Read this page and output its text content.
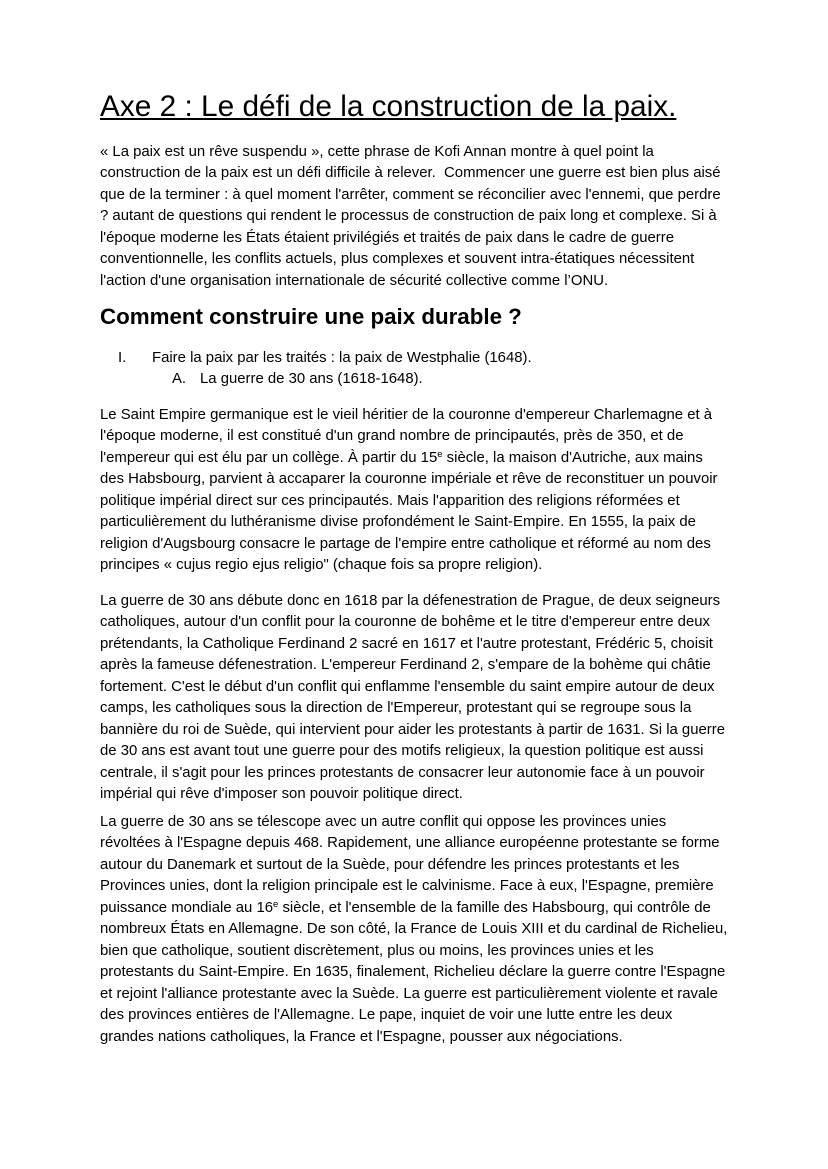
Axe 2 : Le défi de la construction de la paix.

« La paix est un rêve suspendu », cette phrase de Kofi Annan montre à quel point la construction de la paix est un défi difficile à relever.  Commencer une guerre est bien plus aisé que de la terminer : à quel moment l'arrêter, comment se réconcilier avec l'ennemi, que perdre ? autant de questions qui rendent le processus de construction de paix long et complexe. Si à l'époque moderne les États étaient privilégiés et traités de paix dans le cadre de guerre conventionnelle, les conflits actuels, plus complexes et souvent intra-étatiques nécessitent l'action d'une organisation internationale de sécurité collective comme l’ONU.

Comment construire une paix durable ?
I. Faire la paix par les traités : la paix de Westphalie (1648).
A. La guerre de 30 ans (1618-1648).

Le Saint Empire germanique est le vieil héritier de la couronne d'empereur Charlemagne et à l'époque moderne, il est constitué d'un grand nombre de principautés, près de 350, et de l'empereur qui est élu par un collège. À partir du 15e siècle, la maison d'Autriche, aux mains des Habsbourg, parvient à accaparer la couronne impériale et rêve de reconstituer un pouvoir politique impérial direct sur ces principautés. Mais l'apparition des religions réformées et particulièrement du luthéranisme divise profondément le Saint-Empire. En 1555, la paix de religion d'Augsbourg consacre le partage de l'empire entre catholique et réformé au nom des principes « cujus regio ejus religio" (chaque fois sa propre religion).

La guerre de 30 ans débute donc en 1618 par la défenestration de Prague, de deux seigneurs catholiques, autour d'un conflit pour la couronne de bohême et le titre d'empereur entre deux prétendants, la Catholique Ferdinand 2 sacré en 1617 et l'autre protestant, Frédéric 5, choisit après la fameuse défenestration. L'empereur Ferdinand 2, s'empare de la bohème qui châtie fortement. C'est le début d'un conflit qui enflamme l'ensemble du saint empire autour de deux camps, les catholiques sous la direction de l'Empereur, protestant qui se regroupe sous la bannière du roi de Suède, qui intervient pour aider les protestants à partir de 1631. Si la guerre de 30 ans est avant tout une guerre pour des motifs religieux, la question politique est aussi centrale, il s'agit pour les princes protestants de consacrer leur autonomie face à un pouvoir impérial qui rêve d'imposer son pouvoir politique direct.

La guerre de 30 ans se télescope avec un autre conflit qui oppose les provinces unies révoltées à l'Espagne depuis 468. Rapidement, une alliance européenne protestante se forme autour du Danemark et surtout de la Suède, pour défendre les princes protestants et les Provinces unies, dont la religion principale est le calvinisme. Face à eux, l'Espagne, première puissance mondiale au 16e siècle, et l'ensemble de la famille des Habsbourg, qui contrôle de nombreux États en Allemagne. De son côté, la France de Louis XIII et du cardinal de Richelieu, bien que catholique, soutient discrètement, plus ou moins, les provinces unies et les protestants du Saint-Empire. En 1635, finalement, Richelieu déclare la guerre contre l'Espagne et rejoint l'alliance protestante avec la Suède. La guerre est particulièrement violente et ravale des provinces entières de l'Allemagne. Le pape, inquiet de voir une lutte entre les deux grandes nations catholiques, la France et l'Espagne, pousser aux négociations.
